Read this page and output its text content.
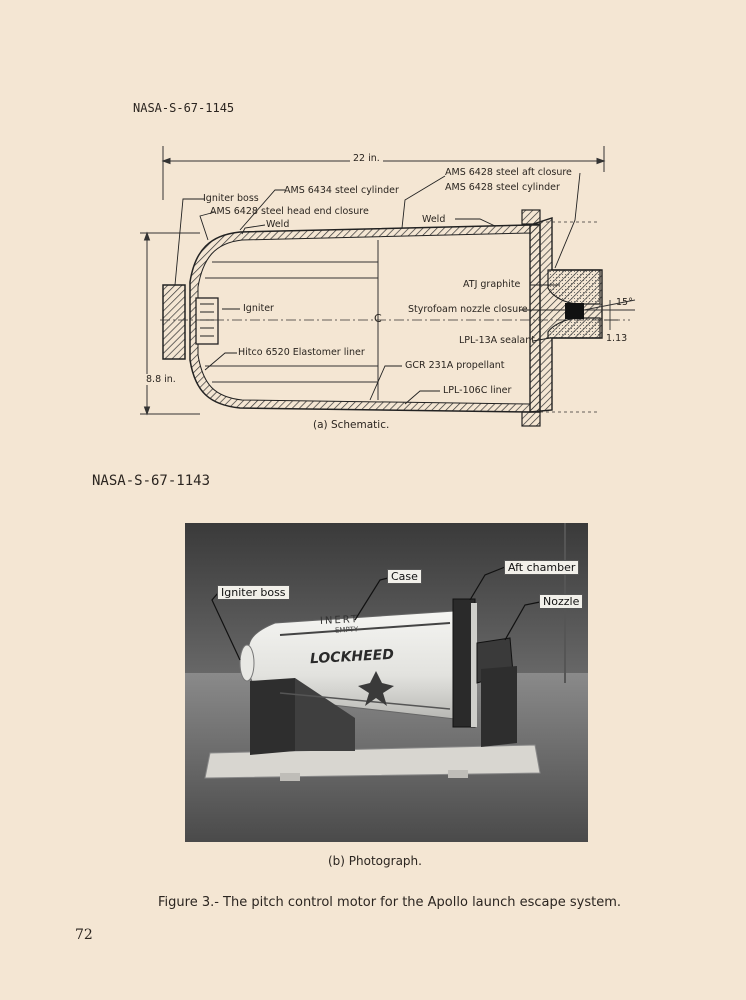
NASA-S-67-1145
22 in.
8.8 in.
15°
1.13
C
Igniter boss
AMS 6428 steel head end closure
Weld
AMS 6434 steel cylinder
AMS 6428 steel aft closure
AMS 6428 steel cylinder
Weld
ATJ graphite
Igniter	Styrofoam nozzle closure
Hitco 6520 Elastomer liner
LPL-13A sealant
GCR 231A propellant
LPL-106C liner
(a) Schematic.
NASA-S-67-1143
INERT
EMPTY
LOCKHEED
Igniter boss
Case
Aft chamber
Nozzle
(b) Photograph.
Figure 3.- The pitch control motor for the Apollo launch escape system.
72
